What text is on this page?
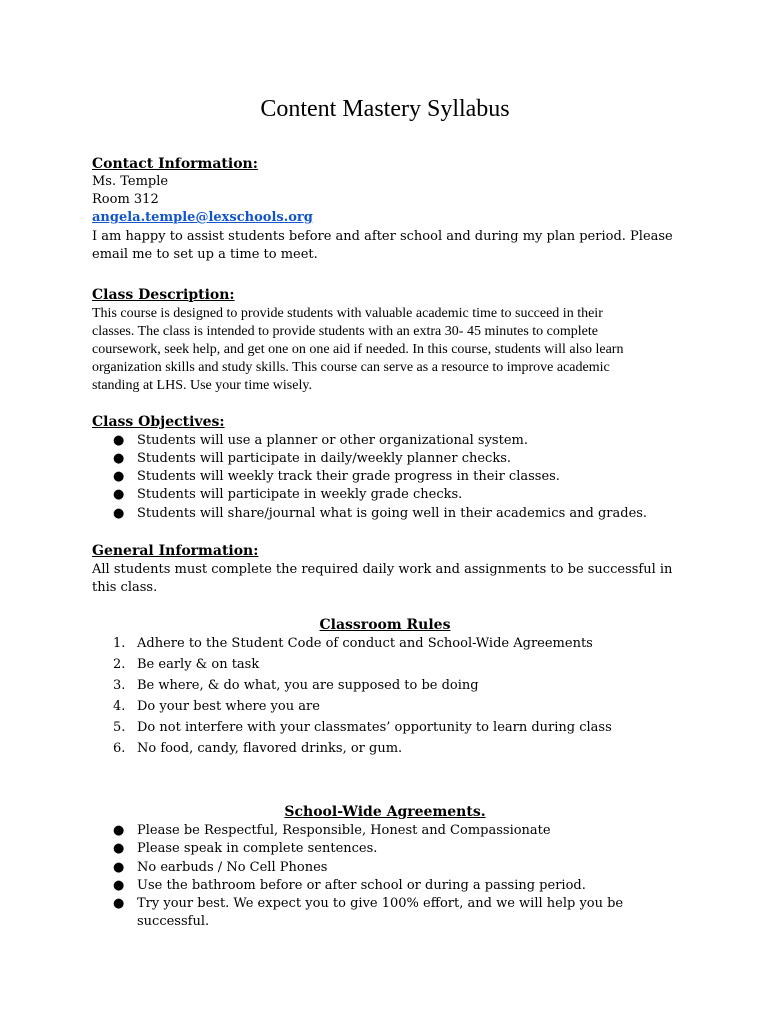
Content Mastery Syllabus
Contact Information:
Ms. Temple
Room 312
angela.temple@lexschools.org
I am happy to assist students before and after school and during my plan period. Please
email me to set up a time to meet.
Class Description:
This course is designed to provide students with valuable academic time to succeed in their
classes. The class is intended to provide students with an extra 30- 45 minutes to complete
coursework, seek help, and get one on one aid if needed. In this course, students will also learn
organization skills and study skills. This course can serve as a resource to improve academic
standing at LHS. Use your time wisely.
Class Objectives:
● Students will use a planner or other organizational system.
● Students will participate in daily/weekly planner checks.
● Students will weekly track their grade progress in their classes.
● Students will participate in weekly grade checks.
● Students will share/journal what is going well in their academics and grades.
General Information:
All students must complete the required daily work and assignments to be successful in
this class.
Classroom Rules
1. Adhere to the Student Code of conduct and School-Wide Agreements
2. Be early & on task
3. Be where, & do what, you are supposed to be doing
4. Do your best where you are
5. Do not interfere with your classmates’ opportunity to learn during class
6. No food, candy, flavored drinks, or gum.
School-Wide Agreements.
● Please be Respectful, Responsible, Honest and Compassionate
● Please speak in complete sentences.
● No earbuds / No Cell Phones
● Use the bathroom before or after school or during a passing period.
● Try your best. We expect you to give 100% effort, and we will help you be
successful.
